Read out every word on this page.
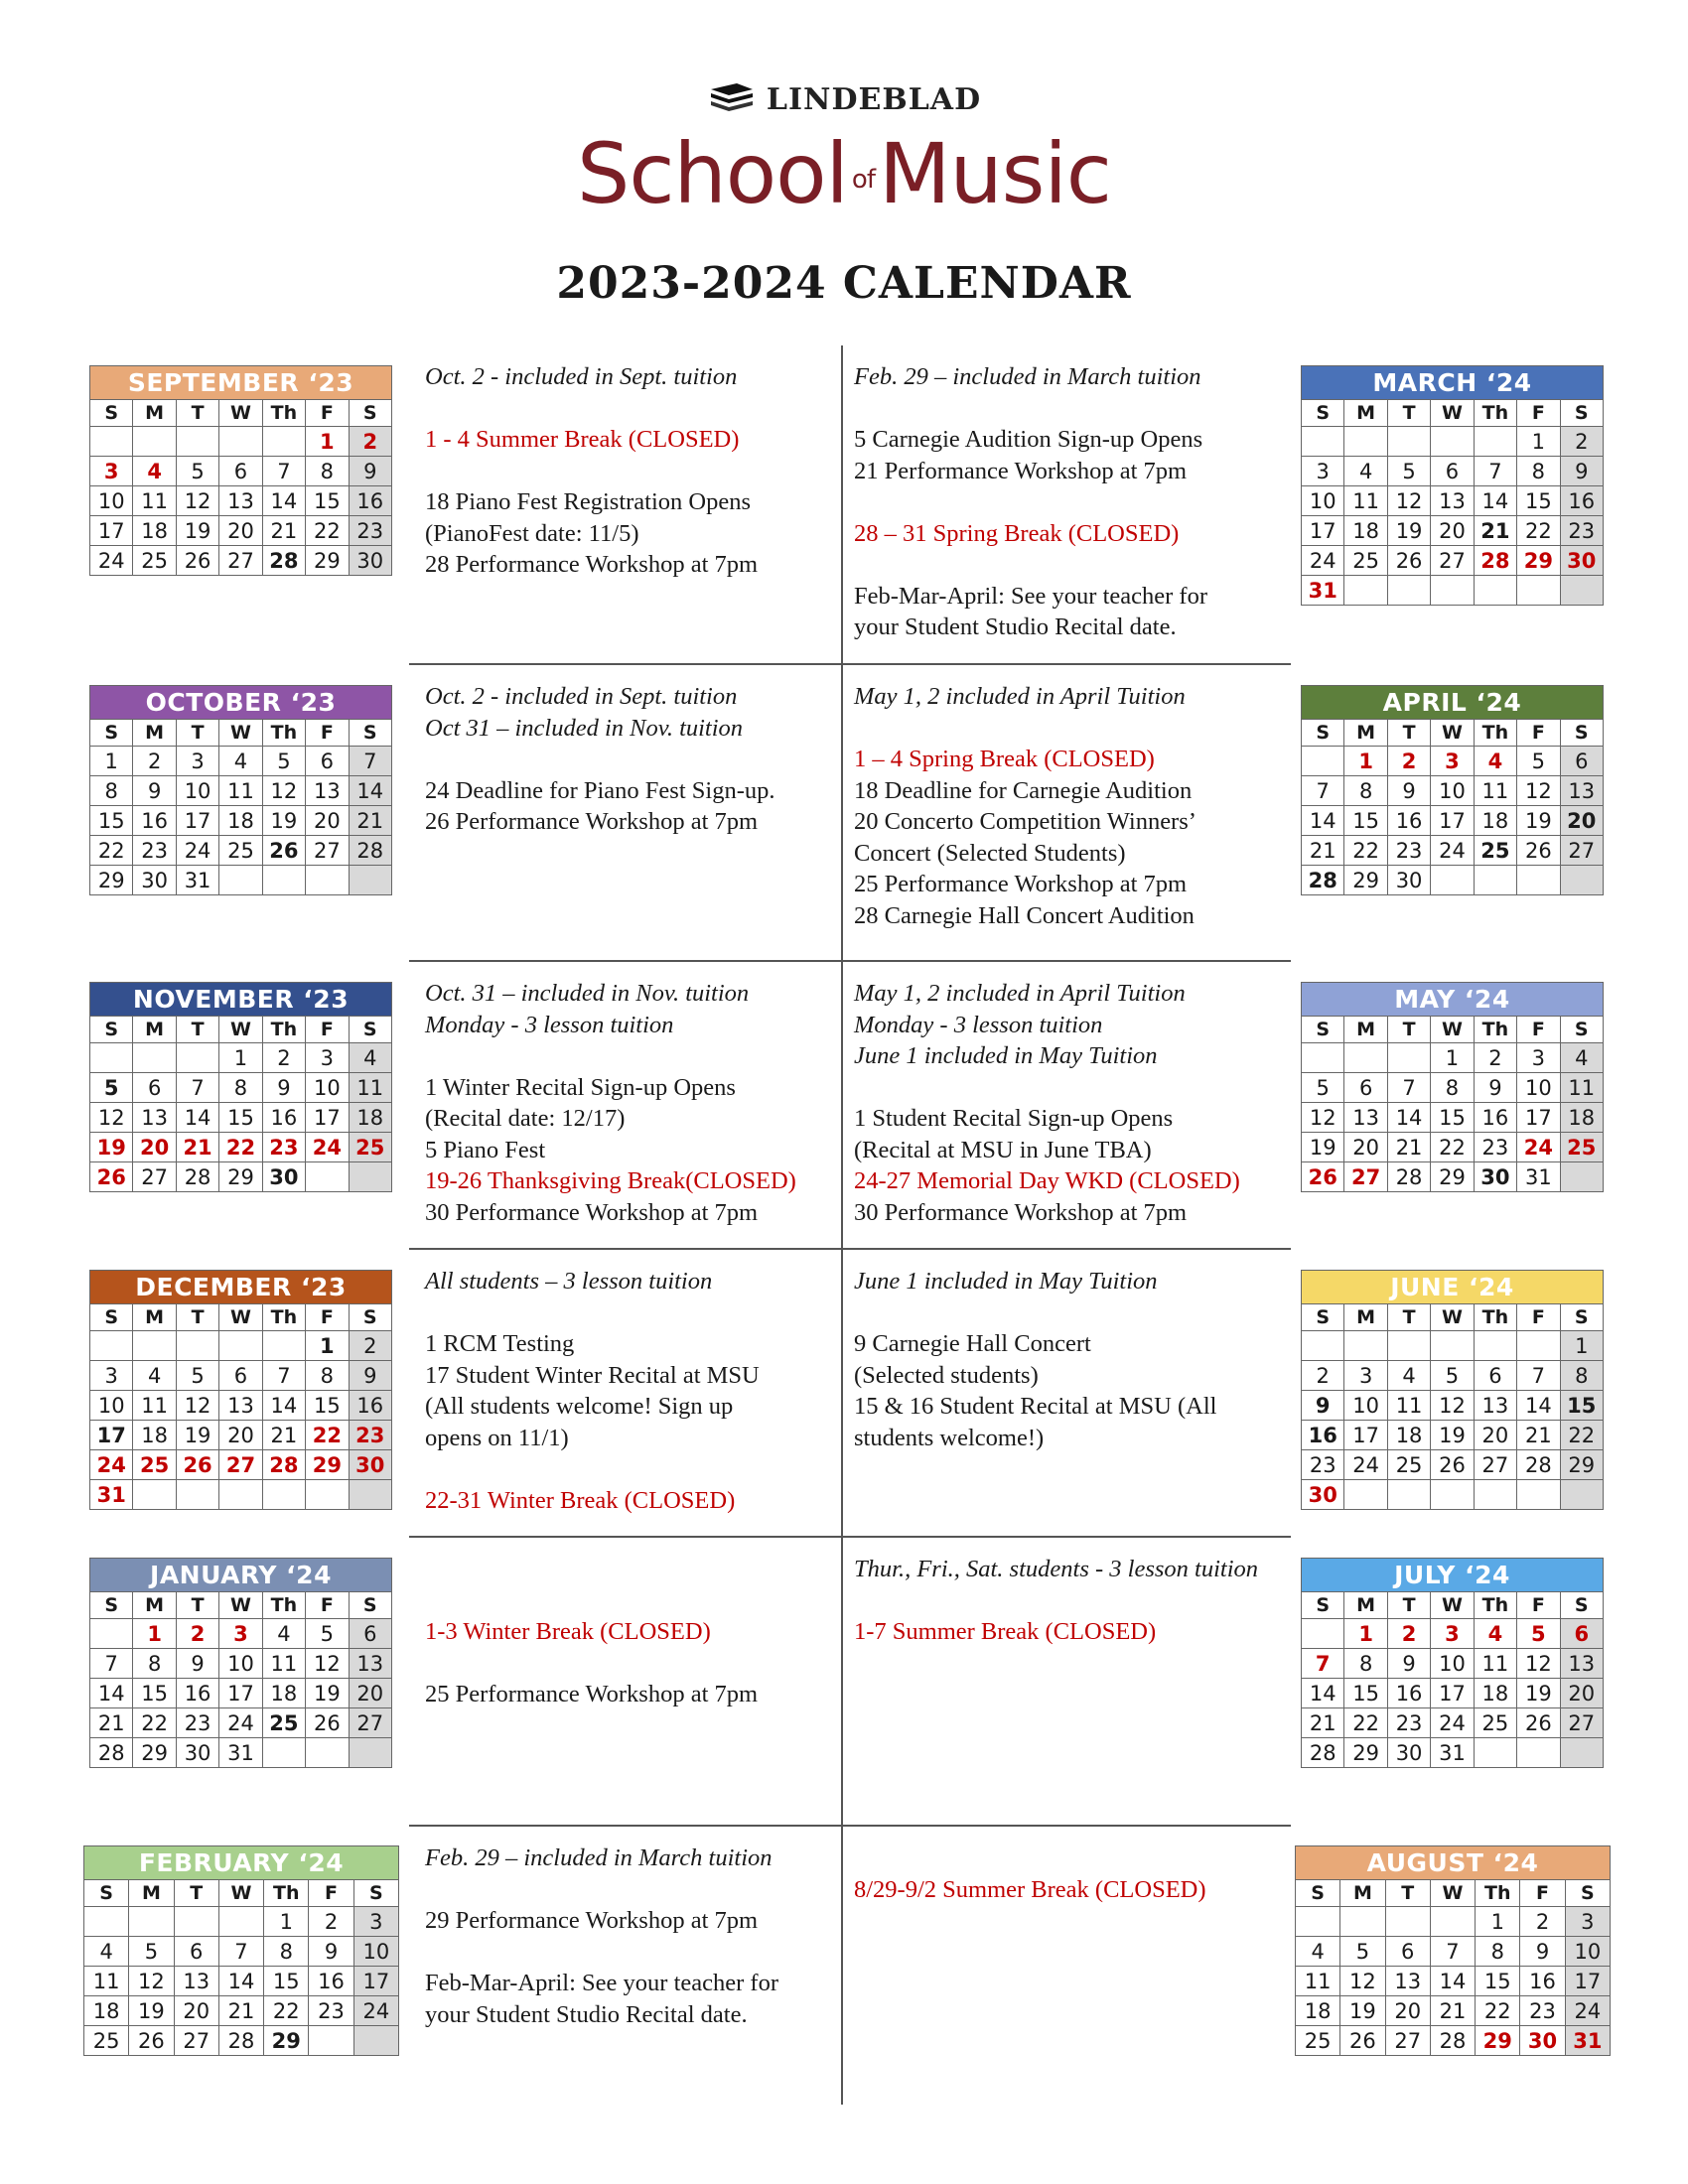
LINDEBLAD
School ofMusic
2023-2024 CALENDAR
SEPTEMBER ‘23						
S	M	T	W	Th	F	S
					1	2
3	4	5	6	7	8	9
10	11	12	13	14	15	16
17	18	19	20	21	22	23
24	25	26	27	28	29	30
OCTOBER ‘23						
S	M	T	W	Th	F	S
1	2	3	4	5	6	7
8	9	10	11	12	13	14
15	16	17	18	19	20	21
22	23	24	25	26	27	28
29	30	31				
NOVEMBER ‘23						
S	M	T	W	Th	F	S
			1	2	3	4
5	6	7	8	9	10	11
12	13	14	15	16	17	18
19	20	21	22	23	24	25
26	27	28	29	30		
DECEMBER ‘23						
S	M	T	W	Th	F	S
					1	2
3	4	5	6	7	8	9
10	11	12	13	14	15	16
17	18	19	20	21	22	23
24	25	26	27	28	29	30
31						
JANUARY ‘24						
S	M	T	W	Th	F	S
	1	2	3	4	5	6
7	8	9	10	11	12	13
14	15	16	17	18	19	20
21	22	23	24	25	26	27
28	29	30	31			
FEBRUARY ‘24						
S	M	T	W	Th	F	S
				1	2	3
4	5	6	7	8	9	10
11	12	13	14	15	16	17
18	19	20	21	22	23	24
25	26	27	28	29		
MARCH ‘24						
S	M	T	W	Th	F	S
					1	2
3	4	5	6	7	8	9
10	11	12	13	14	15	16
17	18	19	20	21	22	23
24	25	26	27	28	29	30
31						
APRIL ‘24						
S	M	T	W	Th	F	S
	1	2	3	4	5	6
7	8	9	10	11	12	13
14	15	16	17	18	19	20
21	22	23	24	25	26	27
28	29	30				
MAY ‘24						
S	M	T	W	Th	F	S
			1	2	3	4
5	6	7	8	9	10	11
12	13	14	15	16	17	18
19	20	21	22	23	24	25
26	27	28	29	30	31	
JUNE ‘24						
S	M	T	W	Th	F	S
						1
2	3	4	5	6	7	8
9	10	11	12	13	14	15
16	17	18	19	20	21	22
23	24	25	26	27	28	29
30						
JULY ‘24						
S	M	T	W	Th	F	S
	1	2	3	4	5	6
7	8	9	10	11	12	13
14	15	16	17	18	19	20
21	22	23	24	25	26	27
28	29	30	31			
AUGUST ‘24						
S	M	T	W	Th	F	S
				1	2	3
4	5	6	7	8	9	10
11	12	13	14	15	16	17
18	19	20	21	22	23	24
25	26	27	28	29	30	31
Oct. 2 - included in Sept. tuition
1 - 4 Summer Break (CLOSED)
18 Piano Fest Registration Opens
(PianoFest date: 11/5)
28 Performance Workshop at 7pm
Feb. 29 – included in March tuition
5 Carnegie Audition Sign-up Opens
21 Performance Workshop at 7pm
28 – 31 Spring Break (CLOSED)
Feb-Mar-April: See your teacher for
your Student Studio Recital date.
Oct. 2 - included in Sept. tuition
Oct 31 – included in Nov. tuition
24 Deadline for Piano Fest Sign-up.
26 Performance Workshop at 7pm
May 1, 2 included in April Tuition
1 – 4 Spring Break (CLOSED)
18 Deadline for Carnegie Audition
20 Concerto Competition Winners’
Concert (Selected Students)
25 Performance Workshop at 7pm
28 Carnegie Hall Concert Audition
Oct. 31 – included in Nov. tuition
Monday - 3 lesson tuition
1 Winter Recital Sign-up Opens
(Recital date: 12/17)
5 Piano Fest
19-26 Thanksgiving Break(CLOSED)
30 Performance Workshop at 7pm
May 1, 2 included in April Tuition
Monday - 3 lesson tuition
June 1 included in May Tuition
1 Student Recital Sign-up Opens
(Recital at MSU in June TBA)
24-27 Memorial Day WKD (CLOSED)
30 Performance Workshop at 7pm
All students – 3 lesson tuition
1 RCM Testing
17 Student Winter Recital at MSU
(All students welcome! Sign up
opens on 11/1)
22-31 Winter Break (CLOSED)
June 1 included in May Tuition
9 Carnegie Hall Concert
(Selected students)
15 & 16 Student Recital at MSU (All
students welcome!)
1-3 Winter Break (CLOSED)
25 Performance Workshop at 7pm
Thur., Fri., Sat. students - 3 lesson tuition
1-7 Summer Break (CLOSED)
Feb. 29 – included in March tuition
29 Performance Workshop at 7pm
Feb-Mar-April: See your teacher for
your Student Studio Recital date.
8/29-9/2 Summer Break (CLOSED)
